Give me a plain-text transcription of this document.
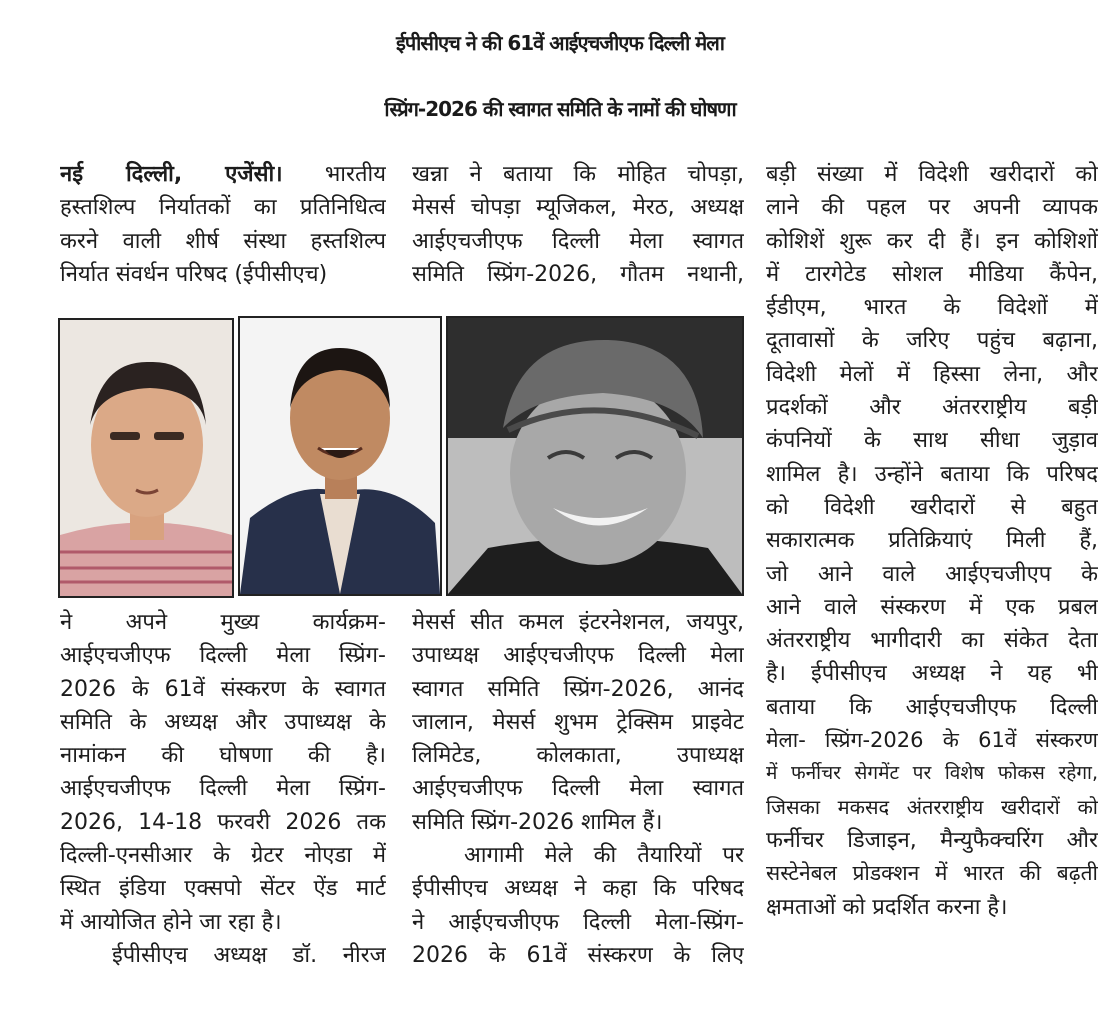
ईपीसीएच ने की 61वें आईएचजीएफ दिल्ली मेला
स्प्रिंग-2026 की स्वागत समिति के नामों की घोषणा
नई दिल्ली, एजेंसी। भारतीय
हस्तशिल्प निर्यातकों का प्रतिनिधित्व
करने वाली शीर्ष संस्था हस्तशिल्प
निर्यात संवर्धन परिषद (ईपीसीएच)
खन्ना ने बताया कि मोहित चोपड़ा,
मेसर्स चोपड़ा म्यूजिकल, मेरठ, अध्यक्ष
आईएचजीएफ दिल्ली मेला स्वागत
समिति स्प्रिंग-2026, गौतम नथानी,
ने अपने मुख्य कार्यक्रम-
आईएचजीएफ दिल्ली मेला स्प्रिंग-
2026 के 61वें संस्करण के स्वागत
समिति के अध्यक्ष और उपाध्यक्ष के
नामांकन की घोषणा की है।
आईएचजीएफ दिल्ली मेला स्प्रिंग-
2026, 14-18 फरवरी 2026 तक
दिल्ली-एनसीआर के ग्रेटर नोएडा में
स्थित इंडिया एक्सपो सेंटर ऐंड मार्ट
में आयोजित होने जा रहा है।
ईपीसीएच अध्यक्ष डॉ. नीरज
मेसर्स सीत कमल इंटरनेशनल, जयपुर,
उपाध्यक्ष आईएचजीएफ दिल्ली मेला
स्वागत समिति स्प्रिंग-2026, आनंद
जालान, मेसर्स शुभम ट्रेक्सिम प्राइवेट
लिमिटेड, कोलकाता, उपाध्यक्ष
आईएचजीएफ दिल्ली मेला स्वागत
समिति स्प्रिंग-2026 शामिल हैं।
आगामी मेले की तैयारियों पर
ईपीसीएच अध्यक्ष ने कहा कि परिषद
ने आईएचजीएफ दिल्ली मेला-स्प्रिंग-
2026 के 61वें संस्करण के लिए
बड़ी संख्या में विदेशी खरीदारों को
लाने की पहल पर अपनी व्यापक
कोशिशें शुरू कर दी हैं। इन कोशिशों
में टारगेटेड सोशल मीडिया कैंपेन,
ईडीएम, भारत के विदेशों में
दूतावासों के जरिए पहुंच बढ़ाना,
विदेशी मेलों में हिस्सा लेना, और
प्रदर्शकों और अंतरराष्ट्रीय बड़ी
कंपनियों के साथ सीधा जुड़ाव
शामिल है। उन्होंने बताया कि परिषद
को विदेशी खरीदारों से बहुत
सकारात्मक प्रतिक्रियाएं मिली हैं,
जो आने वाले आईएचजीएप के
आने वाले संस्करण में एक प्रबल
अंतरराष्ट्रीय भागीदारी का संकेत देता
है। ईपीसीएच अध्यक्ष ने यह भी
बताया कि आईएचजीएफ दिल्ली
मेला- स्प्रिंग-2026 के 61वें संस्करण
में फर्नीचर सेगमेंट पर विशेष फोकस रहेगा,
जिसका मकसद अंतरराष्ट्रीय खरीदारों को
फर्नीचर डिजाइन, मैन्युफैक्चरिंग और
सस्टेनेबल प्रोडक्शन में भारत की बढ़ती
क्षमताओं को प्रदर्शित करना है।
